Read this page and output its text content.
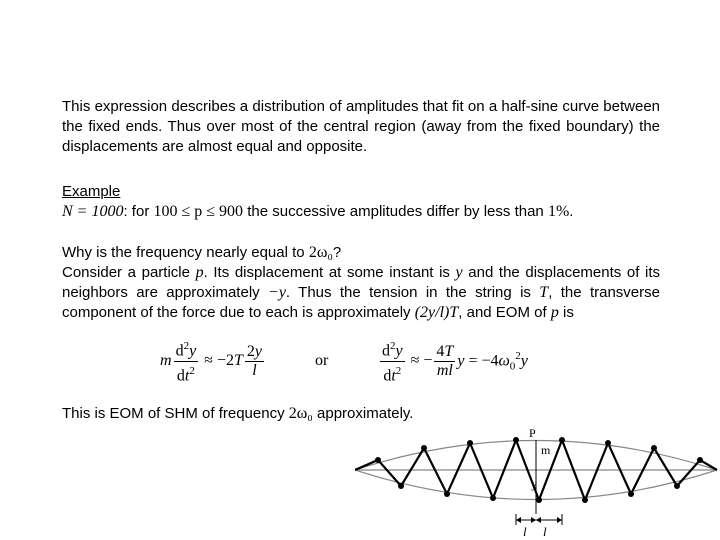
This expression describes a distribution of amplitudes that fit on a half-sine curve between the fixed ends. Thus over most of the central region (away from the fixed boundary) the displacements are almost equal and opposite.

Example
N = 1000: for 100 ≤ p ≤ 900 the successive amplitudes differ by less than 1%.

Why is the frequency nearly equal to 2ω₀?
Consider a particle p. Its displacement at some instant is y and the displacements of its neighbors are approximately −y. Thus the tension in the string is T, the transverse component of the force due to each is approximately (2y/l)T, and EOM of p is

m $\frac{d^2y}{dt^2} \approx -2T \frac{2y}{l}$	or	$\frac{d^2y}{dt^2}$ ≈ − $\frac{4T}{ml}$ $y = -4\omega_0^2y$

This is EOM of SHM of frequency 2ω₀ approximately.

P
m
y
l l
